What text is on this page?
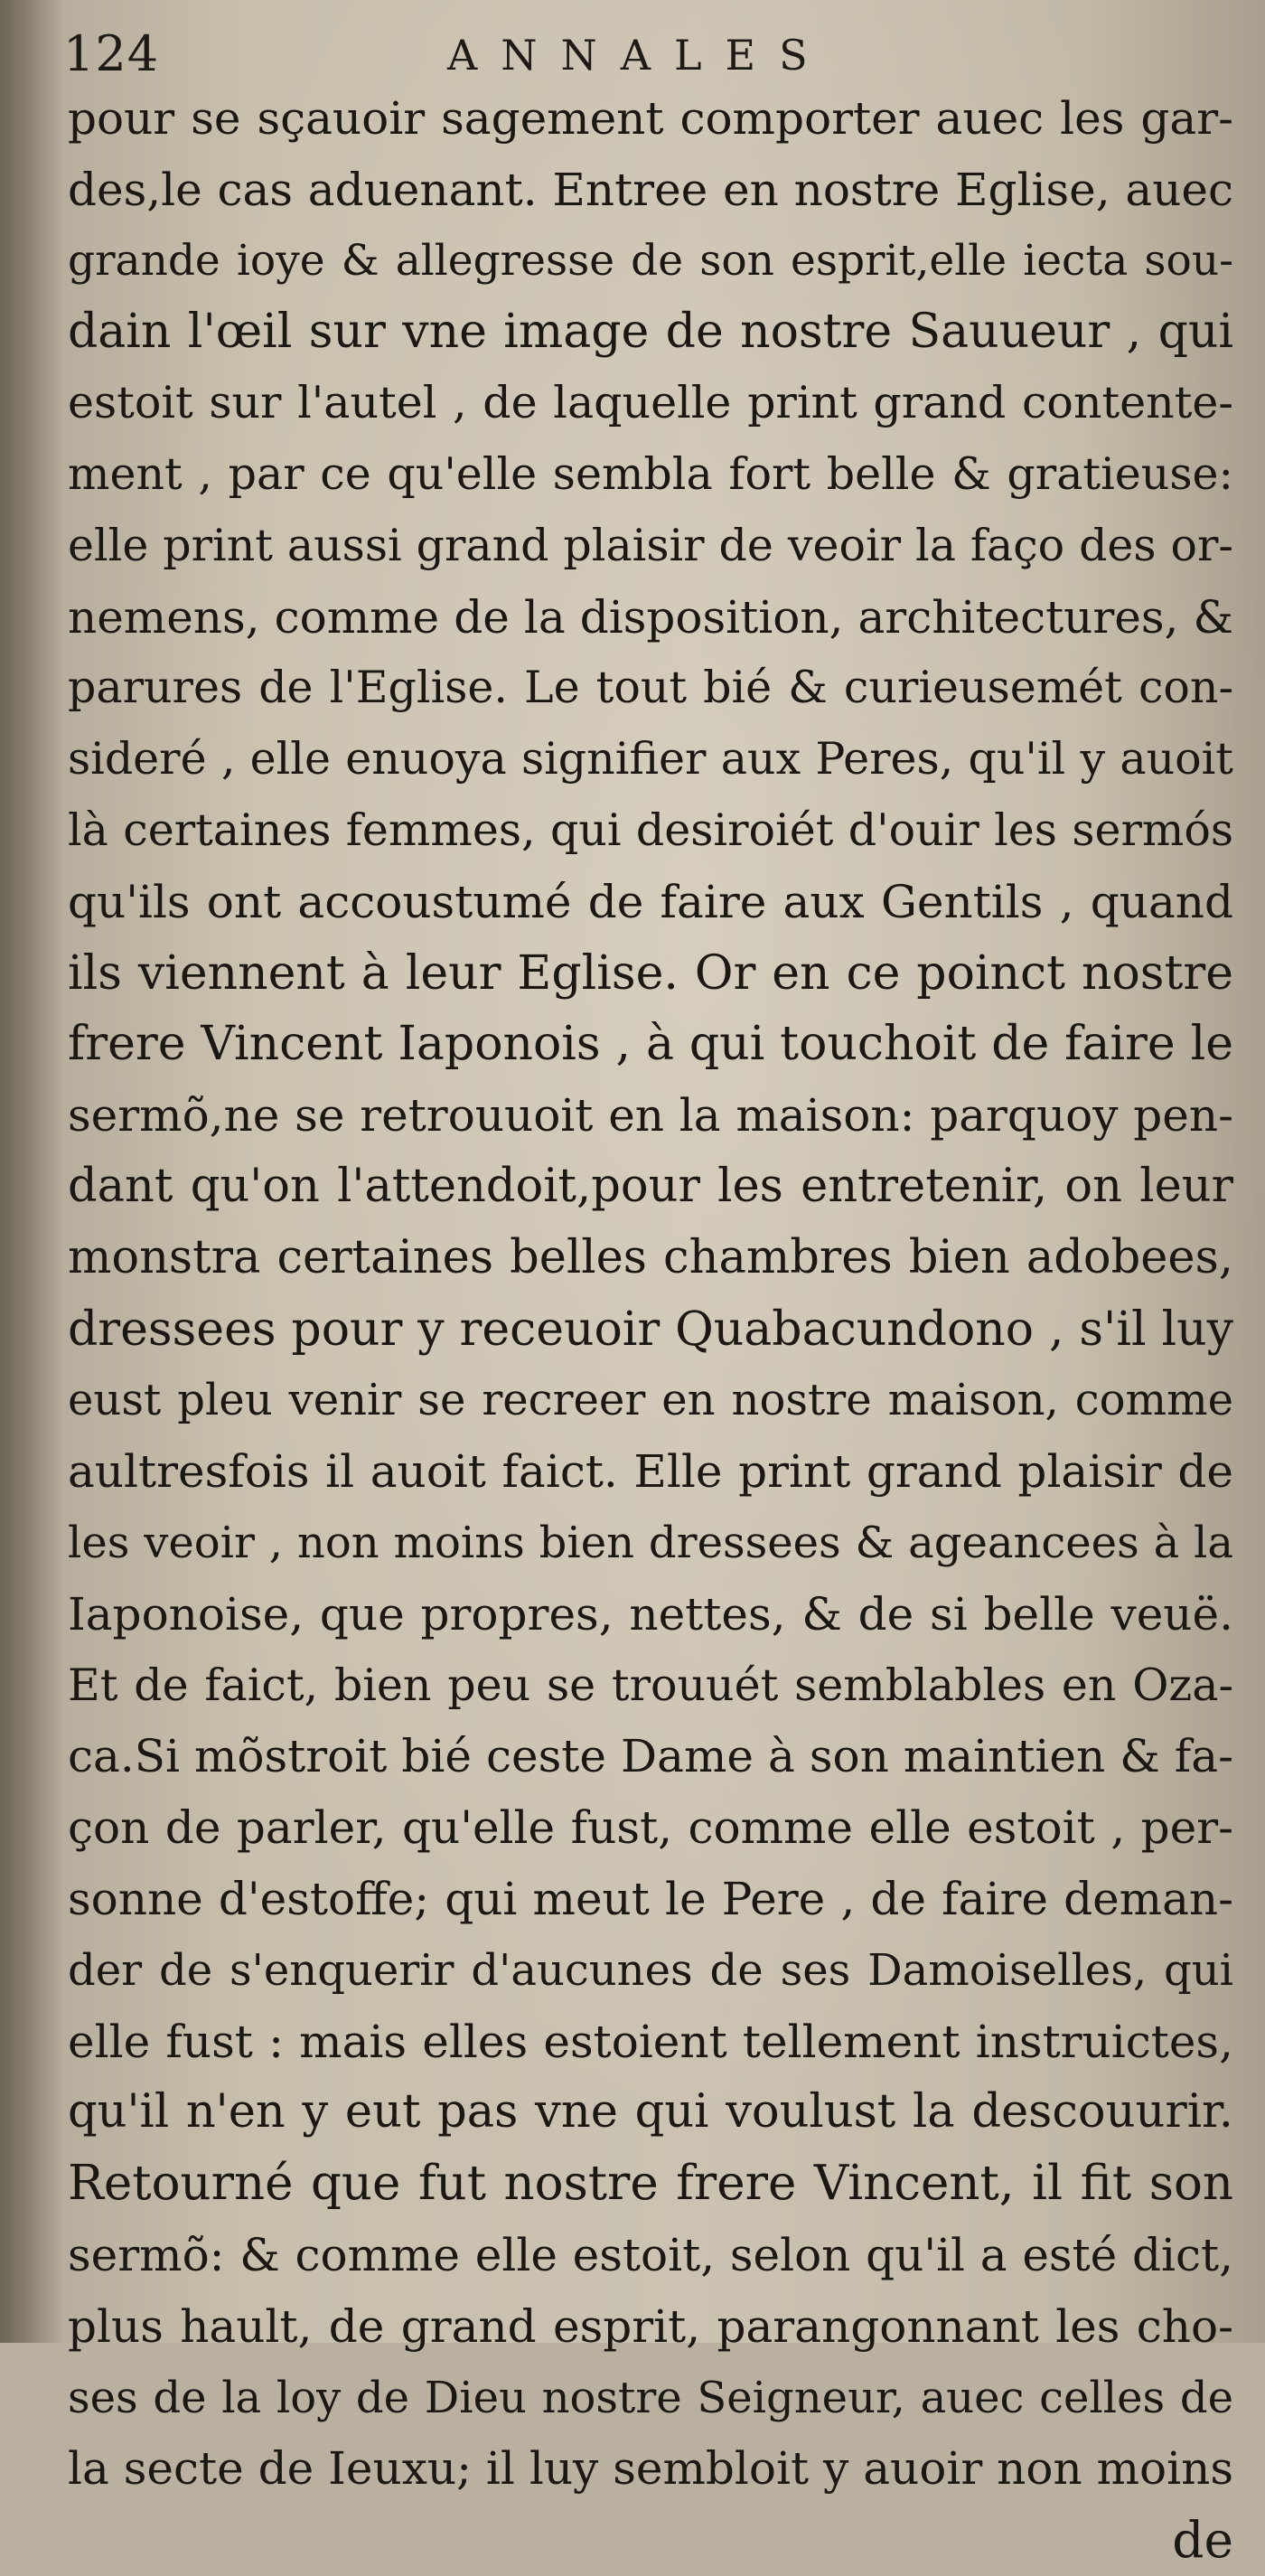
124	ANNALES
pour se sçauoir sagement comporter auec les gar-
des,le cas aduenant. Entree en nostre Eglise, auec
grande ioye & allegresse de son esprit,elle iecta sou-
dain l'œil sur vne image de nostre Sauueur , qui
estoit sur l'autel , de laquelle print grand contente-
ment , par ce qu'elle sembla fort belle & gratieuse:
elle print aussi grand plaisir de veoir la faço des or-
nemens, comme de la disposition, architectures, &
parures de l'Eglise. Le tout bié & curieusemét con-
sideré , elle enuoya signifier aux Peres, qu'il y auoit
là certaines femmes, qui desiroiét d'ouir les sermós
qu'ils ont accoustumé de faire aux Gentils , quand
ils viennent à leur Eglise. Or en ce poinct nostre
frere Vincent Iaponois , à qui touchoit de faire le
sermõ,ne se retrouuoit en la maison: parquoy pen-
dant qu'on l'attendoit,pour les entretenir, on leur
monstra certaines belles chambres bien adobees,
dressees pour y receuoir Quabacundono , s'il luy
eust pleu venir se recreer en nostre maison, comme
aultresfois il auoit faict. Elle print grand plaisir de
les veoir , non moins bien dressees & ageancees à la
Iaponoise, que propres, nettes, & de si belle veuë.
Et de faict, bien peu se trouuét semblables en Oza-
ca.Si mõstroit bié ceste Dame à son maintien & fa-
çon de parler, qu'elle fust, comme elle estoit , per-
sonne d'estoffe; qui meut le Pere , de faire deman-
der de s'enquerir d'aucunes de ses Damoiselles, qui
elle fust : mais elles estoient tellement instruictes,
qu'il n'en y eut pas vne qui voulust la descouurir.
Retourné que fut nostre frere Vincent, il fit son
sermõ: & comme elle estoit, selon qu'il a esté dict,
plus hault, de grand esprit, parangonnant les cho-
ses de la loy de Dieu nostre Seigneur, auec celles de
la secte de Ieuxu; il luy sembloit y auoir non moins
de
